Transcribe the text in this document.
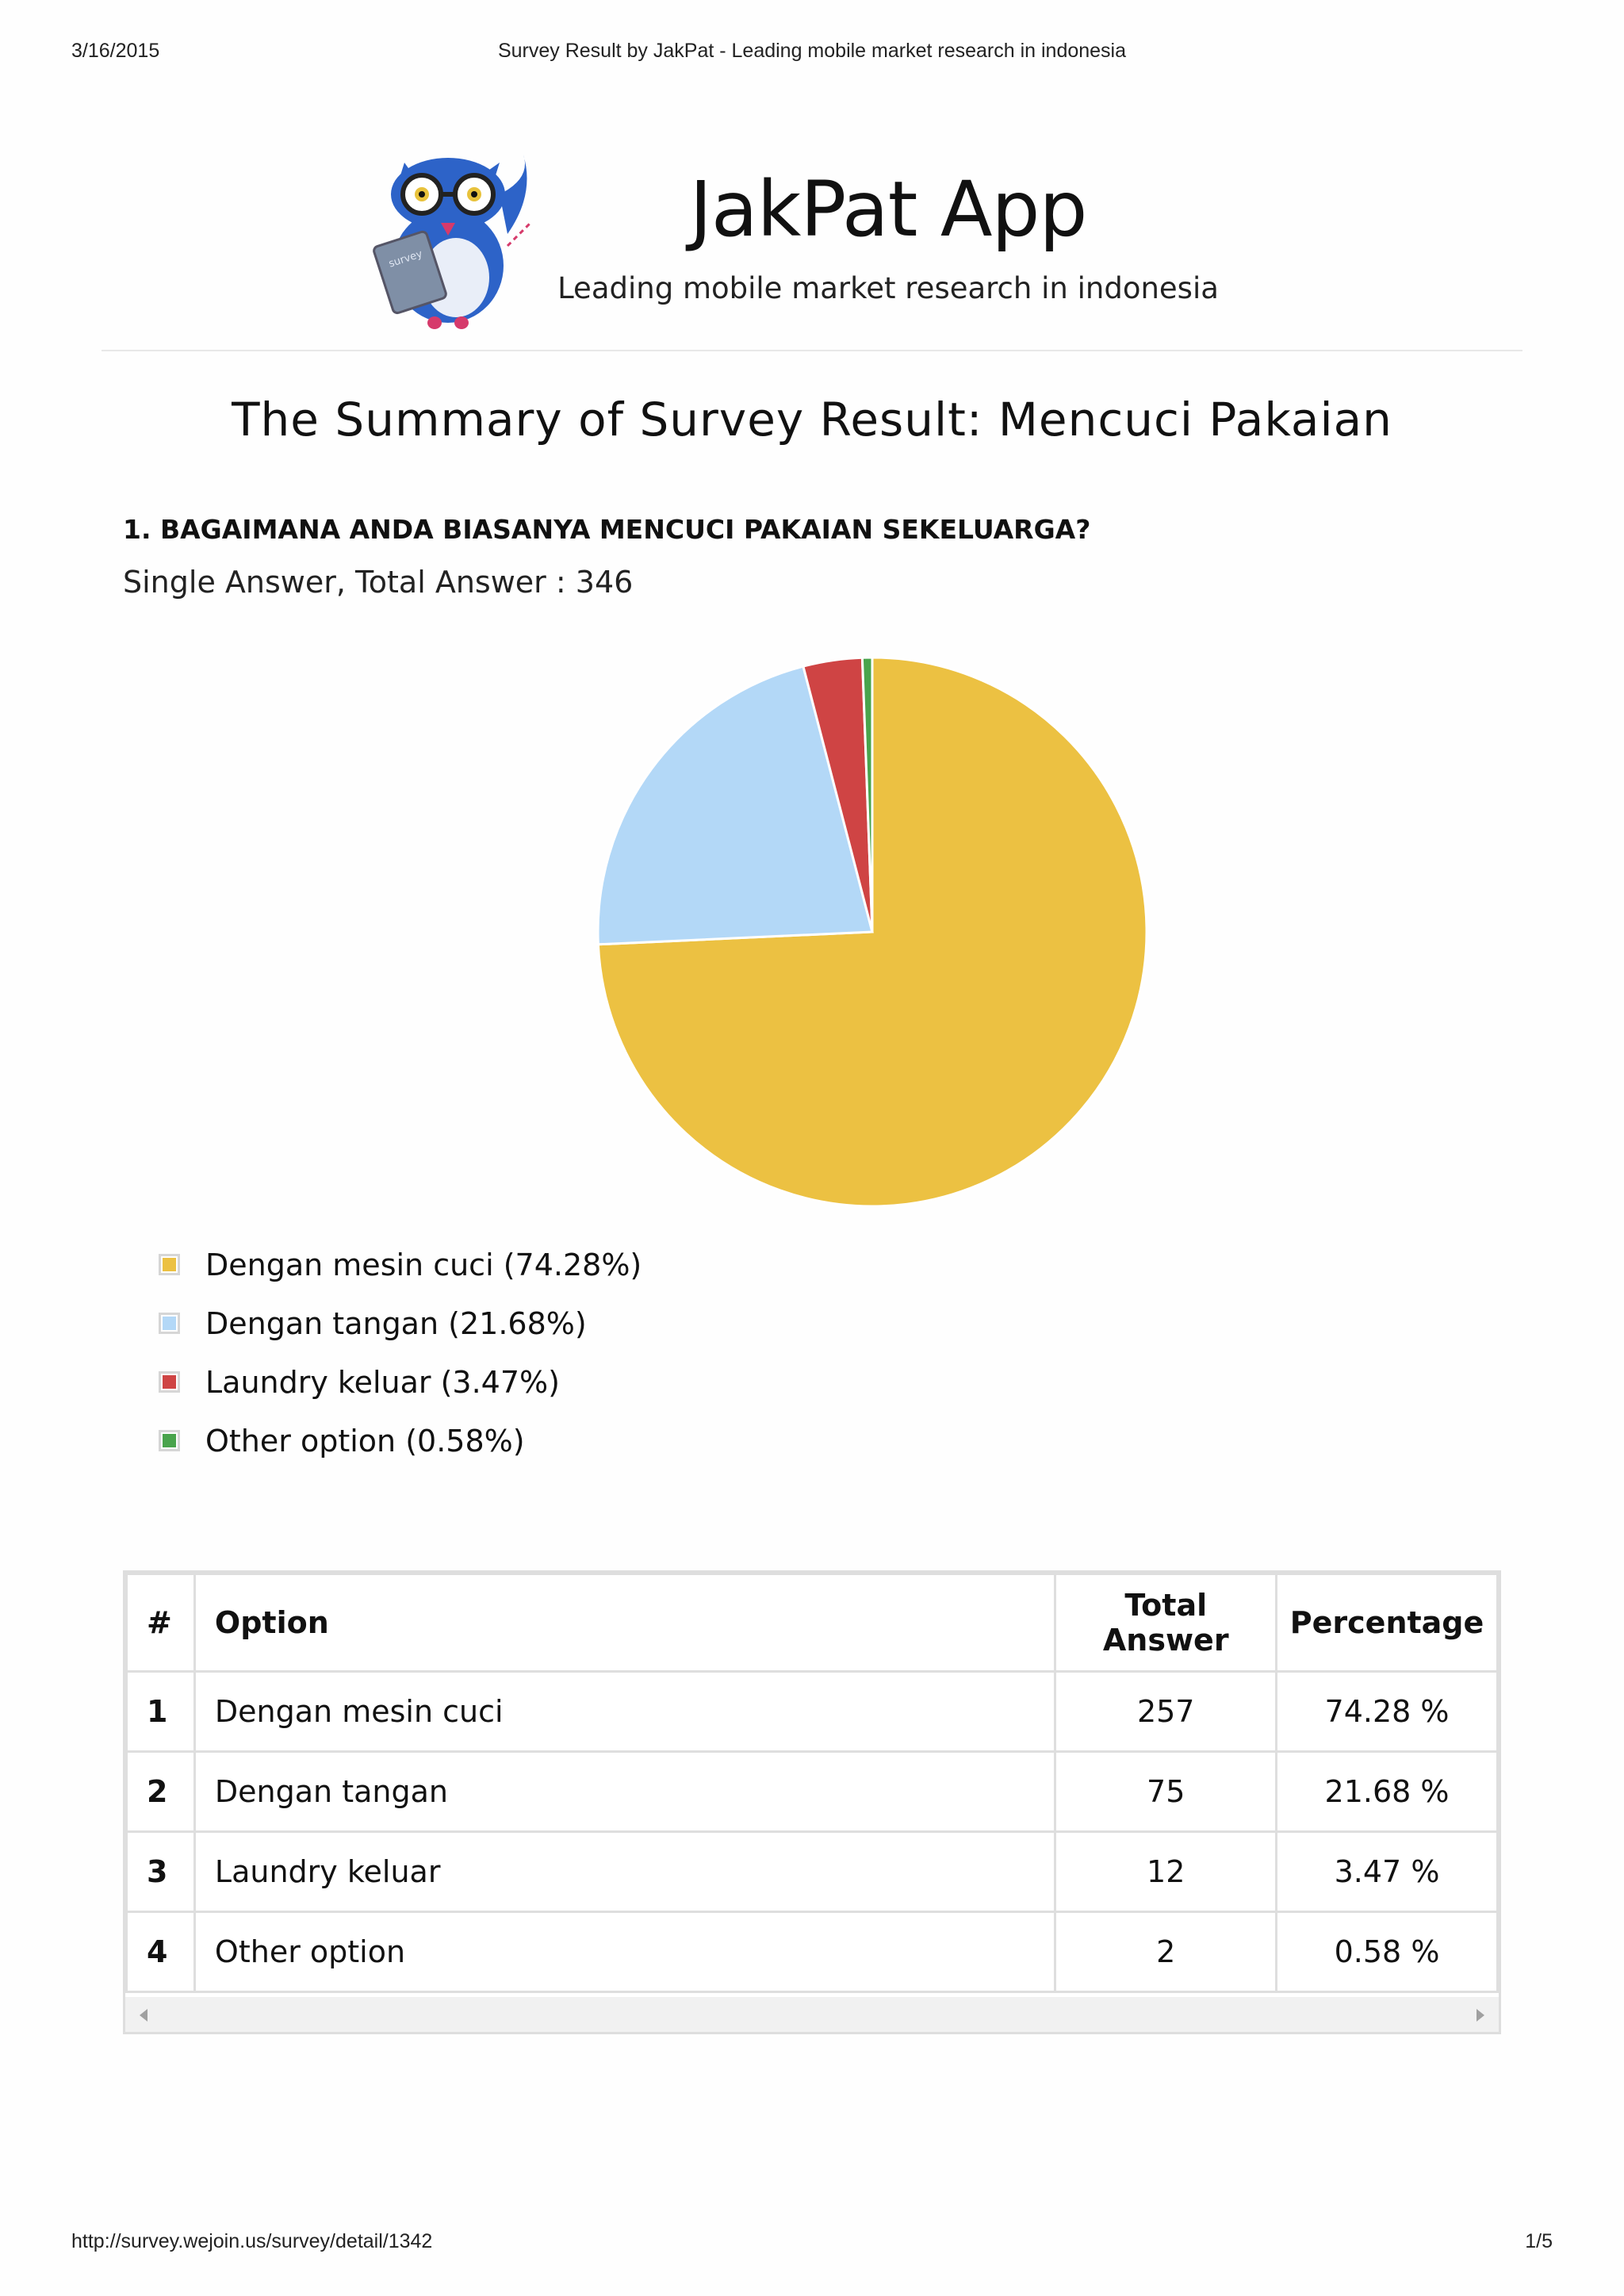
3/16/2015	Survey Result by JakPat - Leading mobile market research in indonesia
survey
JakPat App
Leading mobile market research in indonesia
The Summary of Survey Result: Mencuci Pakaian
1. BAGAIMANA ANDA BIASANYA MENCUCI PAKAIAN SEKELUARGA?
Single Answer, Total Answer : 346
Dengan mesin cuci (74.28%)
Dengan tangan (21.68%)
Laundry keluar (3.47%)
Other option (0.58%)
#	Option	Total Answer	Percentage
1	Dengan mesin cuci	257	74.28 %
2	Dengan tangan	75	21.68 %
3	Laundry keluar	12	3.47 %
4	Other option	2	0.58 %
http://survey.wejoin.us/survey/detail/1342	1/5
